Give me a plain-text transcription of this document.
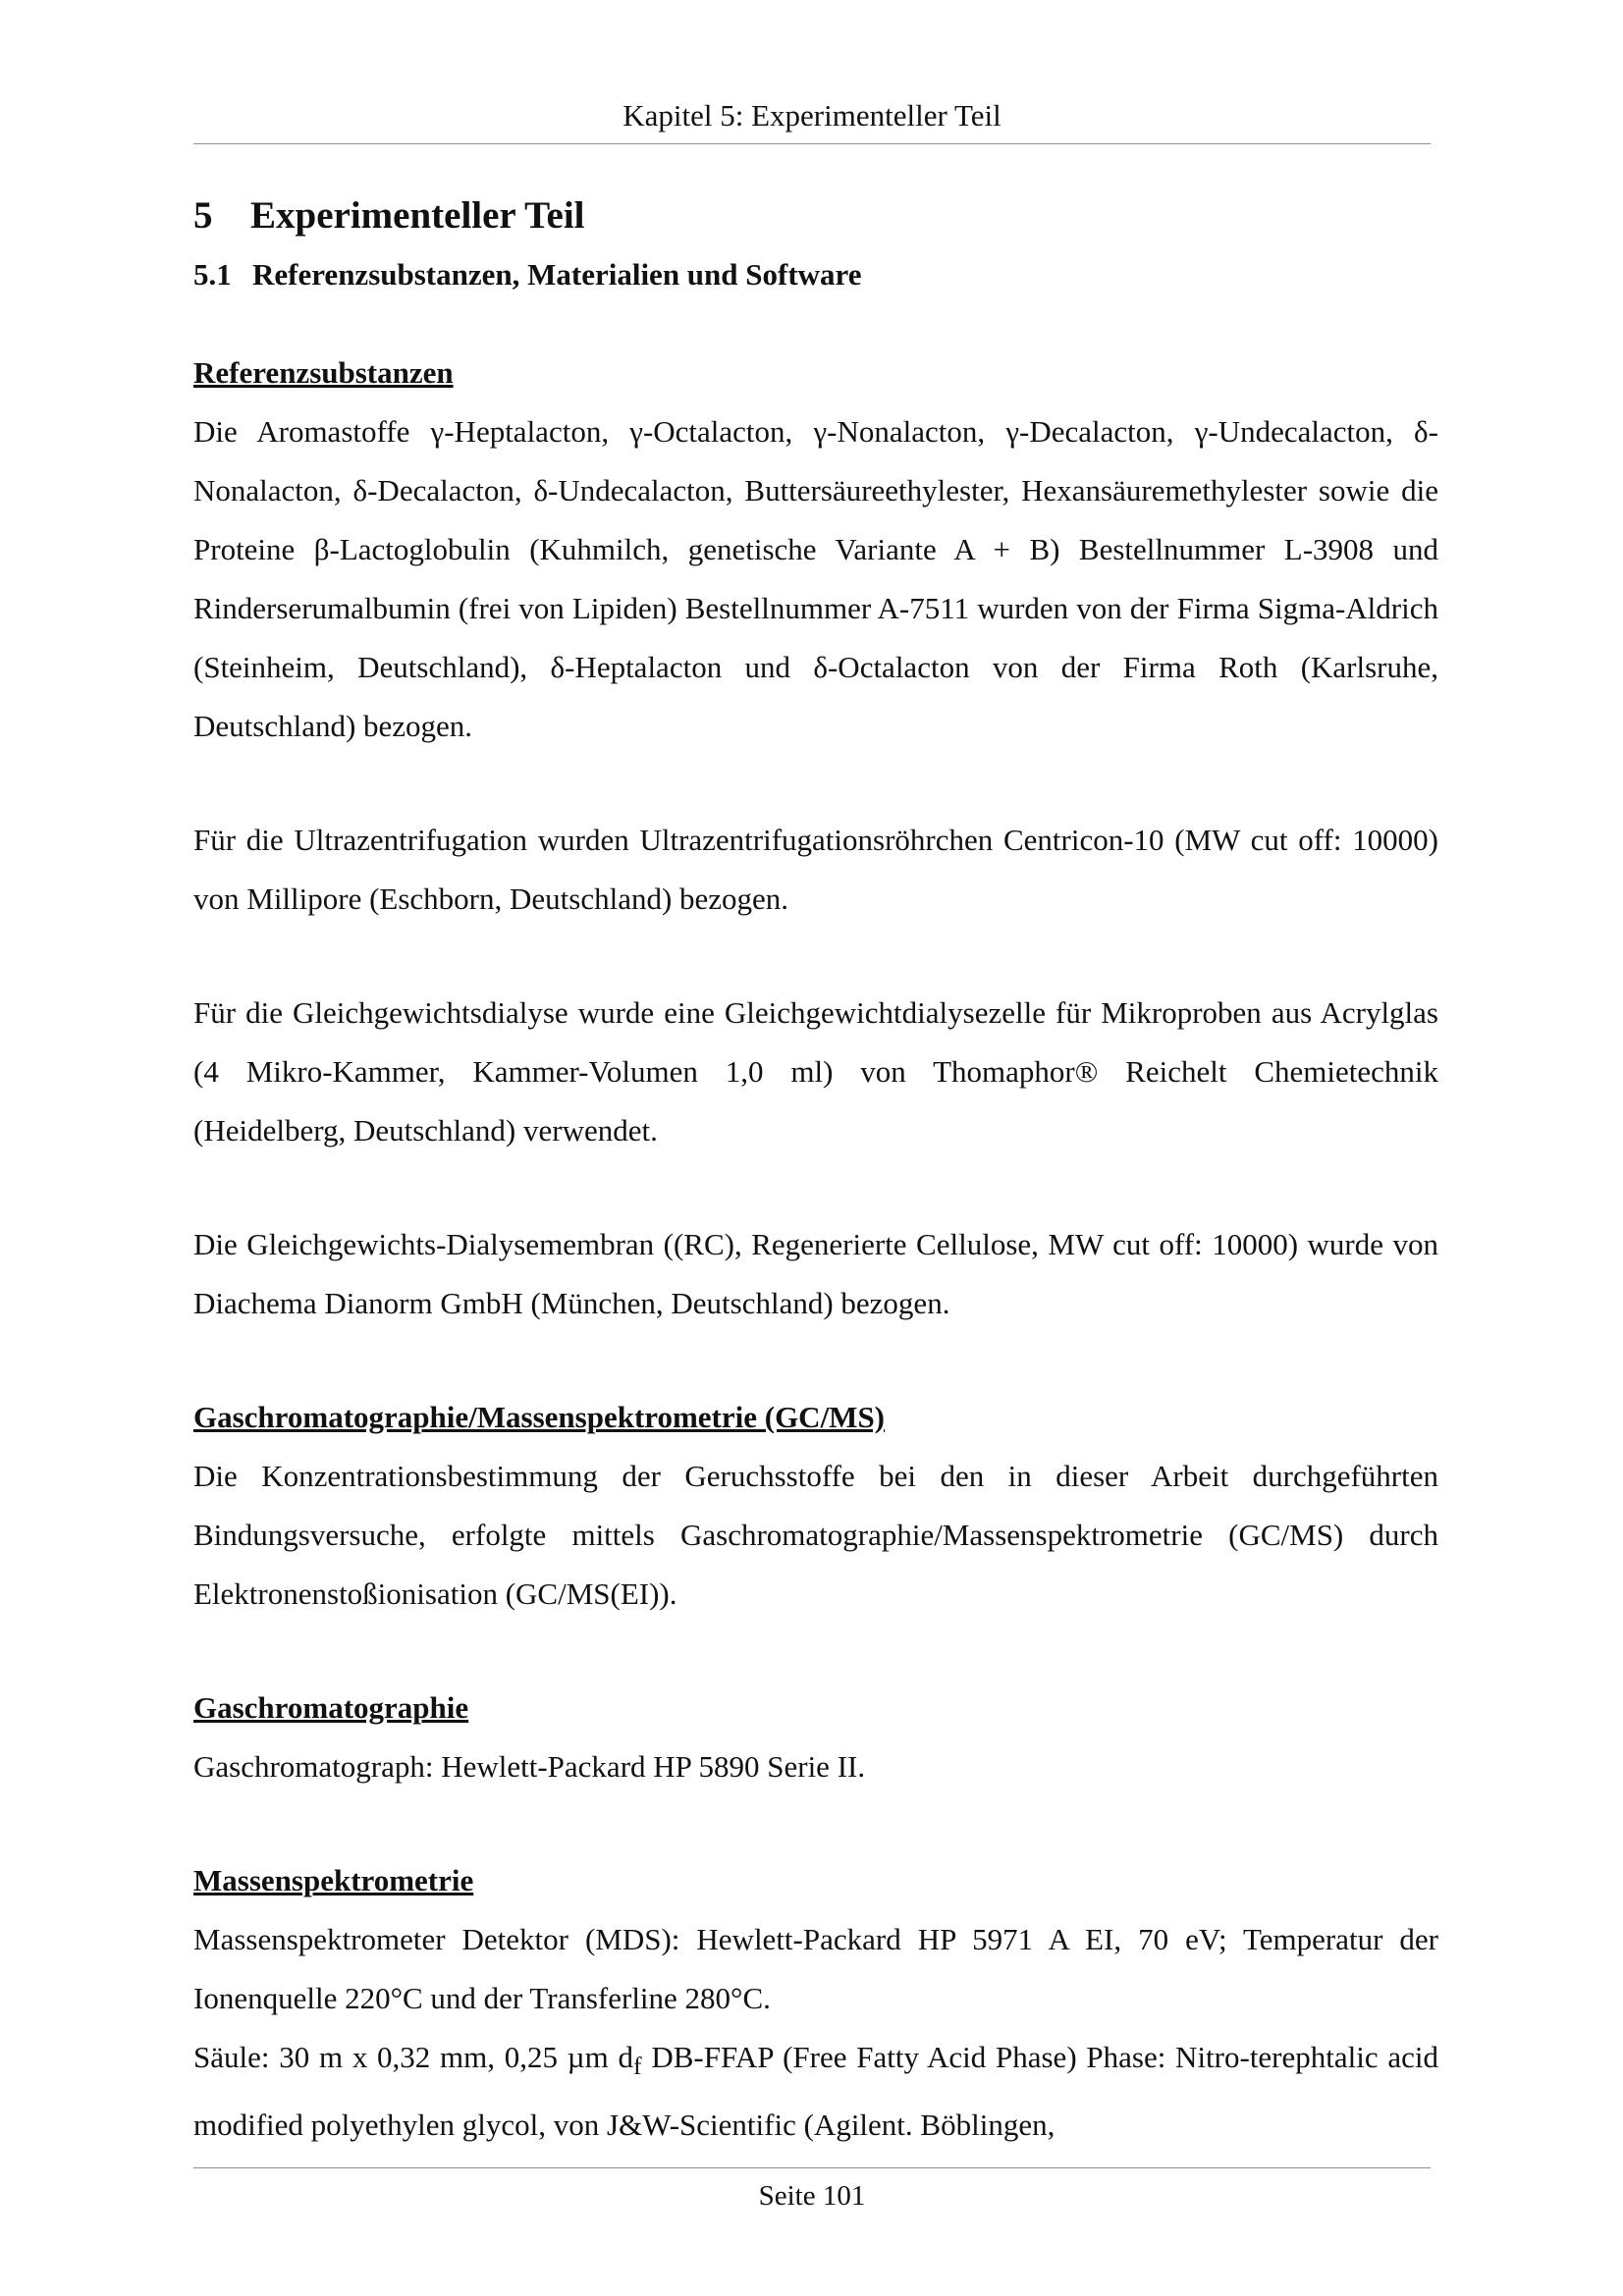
Kapitel 5: Experimenteller Teil
5 Experimenteller Teil
5.1 Referenzsubstanzen, Materialien und Software
Referenzsubstanzen

Die Aromastoffe γ-Heptalacton, γ-Octalacton, γ-Nonalacton, γ-Decalacton, γ-Undecalacton, δ-Nonalacton, δ-Decalacton, δ-Undecalacton, Buttersäureethylester, Hexansäuremethylester sowie die Proteine β-Lactoglobulin (Kuhmilch, genetische Variante A + B) Bestellnummer L-3908 und Rinderserumalbumin (frei von Lipiden) Bestellnummer A-7511 wurden von der Firma Sigma-Aldrich (Steinheim, Deutschland), δ-Heptalacton und δ-Octalacton von der Firma Roth (Karlsruhe, Deutschland) bezogen.

Für die Ultrazentrifugation wurden Ultrazentrifugationsröhrchen Centricon-10 (MW cut off: 10000) von Millipore (Eschborn, Deutschland) bezogen.

Für die Gleichgewichtsdialyse wurde eine Gleichgewichtdialysezelle für Mikroproben aus Acrylglas (4 Mikro-Kammer, Kammer-Volumen 1,0 ml) von Thomaphor® Reichelt Chemietechnik (Heidelberg, Deutschland) verwendet.

Die Gleichgewichts-Dialysemembran ((RC), Regenerierte Cellulose, MW cut off: 10000) wurde von Diachema Dianorm GmbH (München, Deutschland) bezogen.

Gaschromatographie/Massenspektrometrie (GC/MS)

Die Konzentrationsbestimmung der Geruchsstoffe bei den in dieser Arbeit durchgeführten Bindungsversuche, erfolgte mittels Gaschromatographie/Massenspektrometrie (GC/MS) durch Elektronenstoßionisation (GC/MS(EI)).

Gaschromatographie

Gaschromatograph: Hewlett-Packard HP 5890 Serie II.

Massenspektrometrie

Massenspektrometer Detektor (MDS): Hewlett-Packard HP 5971 A EI, 70 eV; Temperatur der Ionenquelle 220°C und der Transferline 280°C.

Säule: 30 m x 0,32 mm, 0,25 µm $d_f$ DB-FFAP (Free Fatty Acid Phase) Phase: Nitro-terephtalic acid modified polyethylen glycol, von J&W-Scientific (Agilent. Böblingen,

Seite 101
